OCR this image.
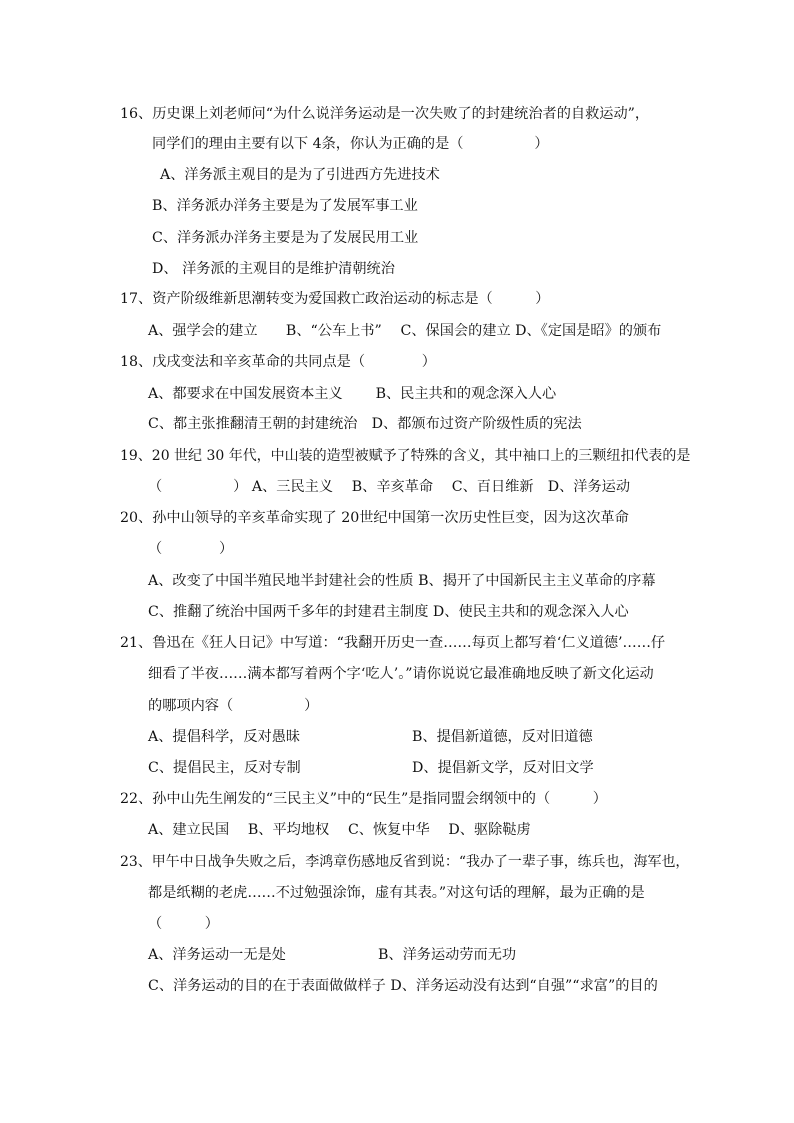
16、历史课上刘老师问“为什么说洋务运动是一次失败了的封建统治者的自救运动”，
同学们的理由主要有以下 4条，你认为正确的是（　　　　　）
A、洋务派主观目的是为了引进西方先进技术
B、洋务派办洋务主要是为了发展军事工业
C、洋务派办洋务主要是为了发展民用工业
D、 洋务派的主观目的是维护清朝统治
17、资产阶级维新思潮转变为爱国救亡政治运动的标志是（　　　）
A、强学会的建立　　B、“公车上书”　 C、保国会的建立 D、《定国是昭》的颁布
18、戊戌变法和辛亥革命的共同点是（　　　　）
A、都要求在中国发展资本主义　　 B、民主共和的观念深入人心
C、都主张推翻清王朝的封建统治　D、都颁布过资产阶级性质的宪法
19、20 世纪 30 年代，中山装的造型被赋予了特殊的含义，其中袖口上的三颗纽扣代表的是
（　　　　　） A、三民主义　 B、辛亥革命　 C、百日维新　D、洋务运动
20、孙中山领导的辛亥革命实现了 20世纪中国第一次历史性巨变，因为这次革命
（　　　　）
A、改变了中国半殖民地半封建社会的性质 B、揭开了中国新民主主义革命的序幕
C、推翻了统治中国两千多年的封建君主制度 D、使民主共和的观念深入人心
21、鲁迅在《狂人日记》中写道：“我翻开历史一查……每页上都写着‘仁义道德’……仔
细看了半夜……满本都写着两个字‘吃人’。”请你说说它最准确地反映了新文化运动
的哪项内容（　　　　　）
A、提倡科学，反对愚昧	B、提倡新道德，反对旧道德
C、提倡民主，反对专制	D、提倡新文学，反对旧文学
22、孙中山先生阐发的“三民主义”中的“民生”是指同盟会纲领中的（　　　）
A、建立民国　 B、平均地权　 C、恢复中华　 D、驱除鞑虏
23、甲午中日战争失败之后，李鸿章伤感地反省到说：“我办了一辈子事，练兵也，海军也，
都是纸糊的老虎……不过勉强涂饰，虚有其表。”对这句话的理解，最为正确的是
（　　　）
A、洋务运动一无是处	B、洋务运动劳而无功
C、洋务运动的目的在于表面做做样子 D、洋务运动没有达到“自强”“求富”的目的
